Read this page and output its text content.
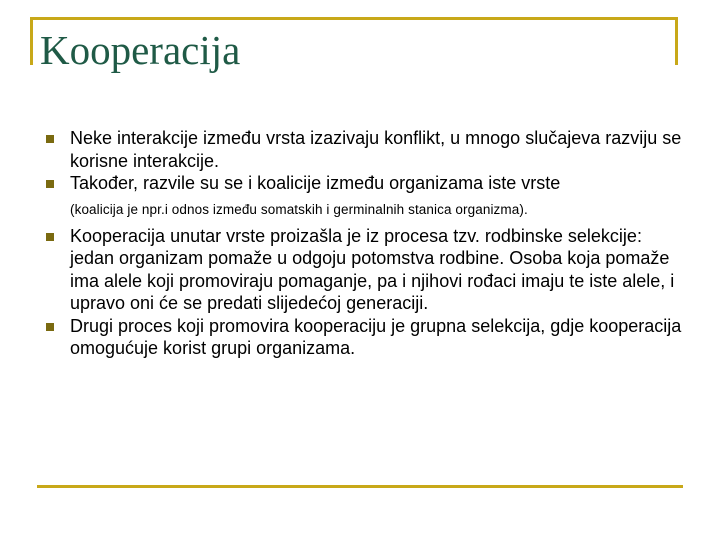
Kooperacija
Neke interakcije između vrsta izazivaju konflikt, u mnogo slučajeva razviju se korisne interakcije.
Također, razvile su se i koalicije između organizama iste vrste
(koalicija je npr.i odnos između somatskih i germinalnih stanica organizma).
Kooperacija unutar vrste proizašla je iz procesa tzv. rodbinske selekcije: jedan organizam pomaže u odgoju potomstva rodbine. Osoba koja pomaže ima alele koji promoviraju pomaganje, pa i njihovi rođaci imaju te iste alele, i upravo oni će se predati slijedećoj generaciji.
Drugi proces koji promovira kooperaciju je grupna selekcija, gdje kooperacija omogućuje korist grupi organizama.
